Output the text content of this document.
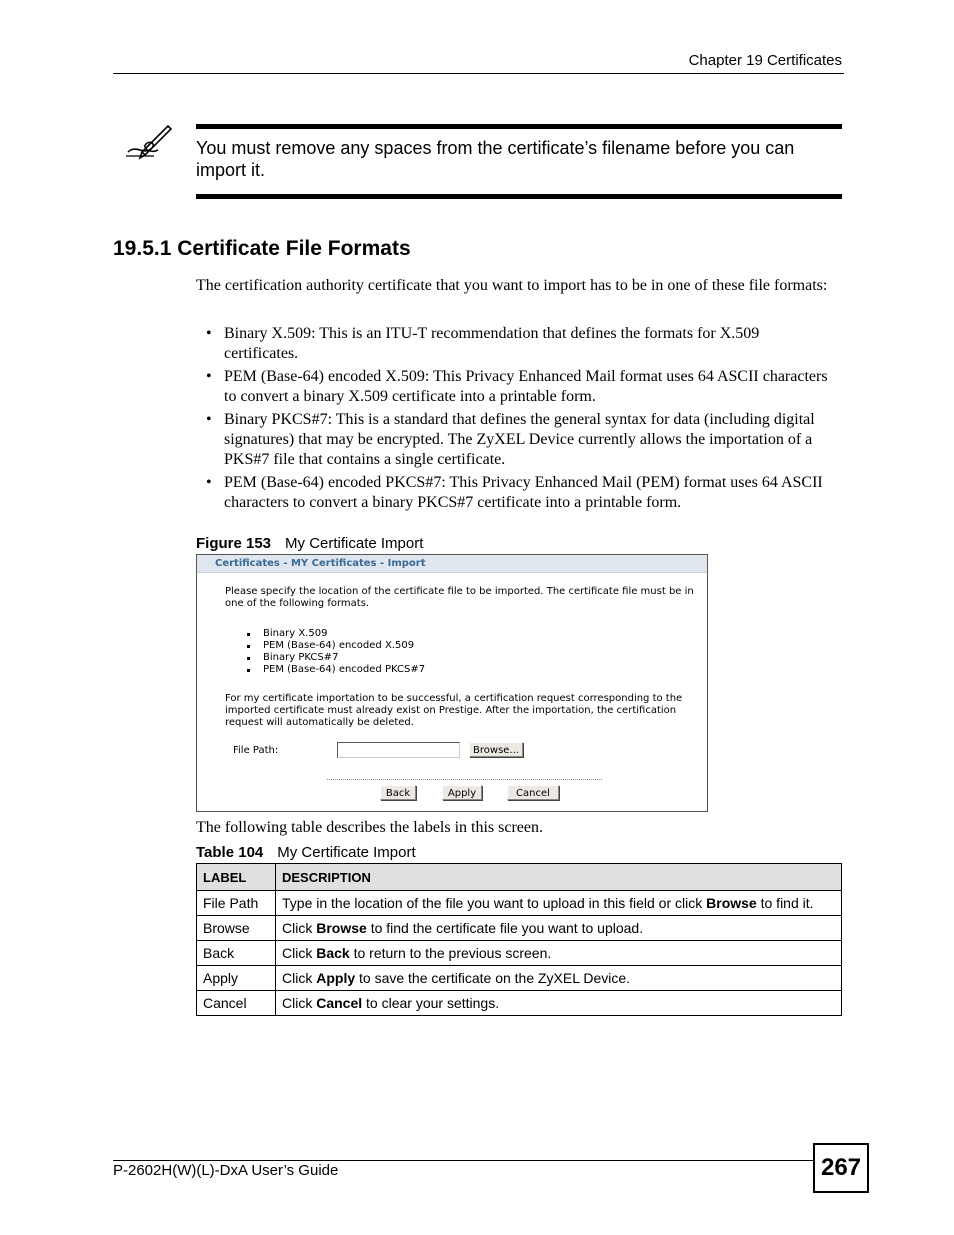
Chapter 19 Certificates
You must remove any spaces from the certificate’s filename before you can import it.
19.5.1 Certificate File Formats
The certification authority certificate that you want to import has to be in one of these file formats:
• Binary X.509: This is an ITU-T recommendation that defines the formats for X.509 certificates.
• PEM (Base-64) encoded X.509: This Privacy Enhanced Mail format uses 64 ASCII characters to convert a binary X.509 certificate into a printable form.
• Binary PKCS#7: This is a standard that defines the general syntax for data (including digital signatures) that may be encrypted. The ZyXEL Device currently allows the importation of a PKS#7 file that contains a single certificate.
• PEM (Base-64) encoded PKCS#7: This Privacy Enhanced Mail (PEM) format uses 64 ASCII characters to convert a binary PKCS#7 certificate into a printable form.
Figure 153 My Certificate Import
Certificates - MY Certificates - Import
Please specify the location of the certificate file to be imported. The certificate file must be in one of the following formats.
Binary X.509
PEM (Base-64) encoded X.509
Binary PKCS#7
PEM (Base-64) encoded PKCS#7
For my certificate importation to be successful, a certification request corresponding to the imported certificate must already exist on Prestige. After the importation, the certification request will automatically be deleted.
File Path:	Browse...
Back	Apply	Cancel
The following table describes the labels in this screen.
Table 104 My Certificate Import
LABEL	DESCRIPTION
File Path	Type in the location of the file you want to upload in this field or click Browse to find it.
Browse	Click Browse to find the certificate file you want to upload.
Back	Click Back to return to the previous screen.
Apply	Click Apply to save the certificate on the ZyXEL Device.
Cancel	Click Cancel to clear your settings.
P-2602H(W)(L)-DxA User’s Guide	267
